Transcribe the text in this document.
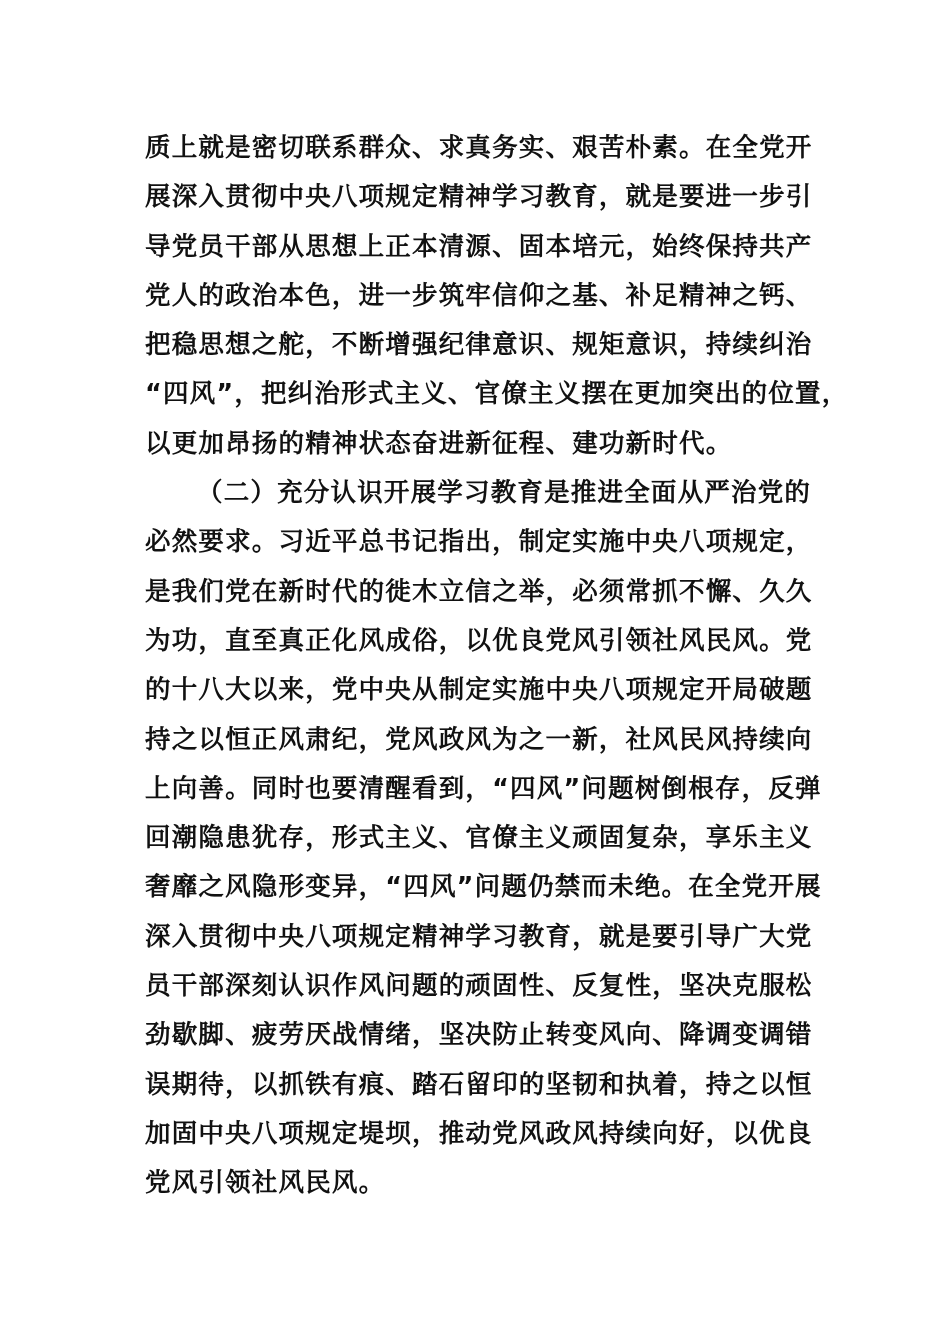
质上就是密切联系群众、求真务实、艰苦朴素。在全党开
展深入贯彻中央八项规定精神学习教育，就是要进一步引
导党员干部从思想上正本清源、固本培元，始终保持共产
党人的政治本色，进一步筑牢信仰之基、补足精神之钙、
把稳思想之舵，不断增强纪律意识、规矩意识，持续纠治
“四风”，把纠治形式主义、官僚主义摆在更加突出的位置，
以更加昂扬的精神状态奋进新征程、建功新时代。
（二）充分认识开展学习教育是推进全面从严治党的
必然要求。习近平总书记指出，制定实施中央八项规定，
是我们党在新时代的徙木立信之举，必须常抓不懈、久久
为功，直至真正化风成俗，以优良党风引领社风民风。党
的十八大以来，党中央从制定实施中央八项规定开局破题
持之以恒正风肃纪，党风政风为之一新，社风民风持续向
上向善。同时也要清醒看到，“四风”问题树倒根存，反弹
回潮隐患犹存，形式主义、官僚主义顽固复杂，享乐主义
奢靡之风隐形变异，“四风”问题仍禁而未绝。在全党开展
深入贯彻中央八项规定精神学习教育，就是要引导广大党
员干部深刻认识作风问题的顽固性、反复性，坚决克服松
劲歇脚、疲劳厌战情绪，坚决防止转变风向、降调变调错
误期待，以抓铁有痕、踏石留印的坚韧和执着，持之以恒
加固中央八项规定堤坝，推动党风政风持续向好，以优良
党风引领社风民风。
